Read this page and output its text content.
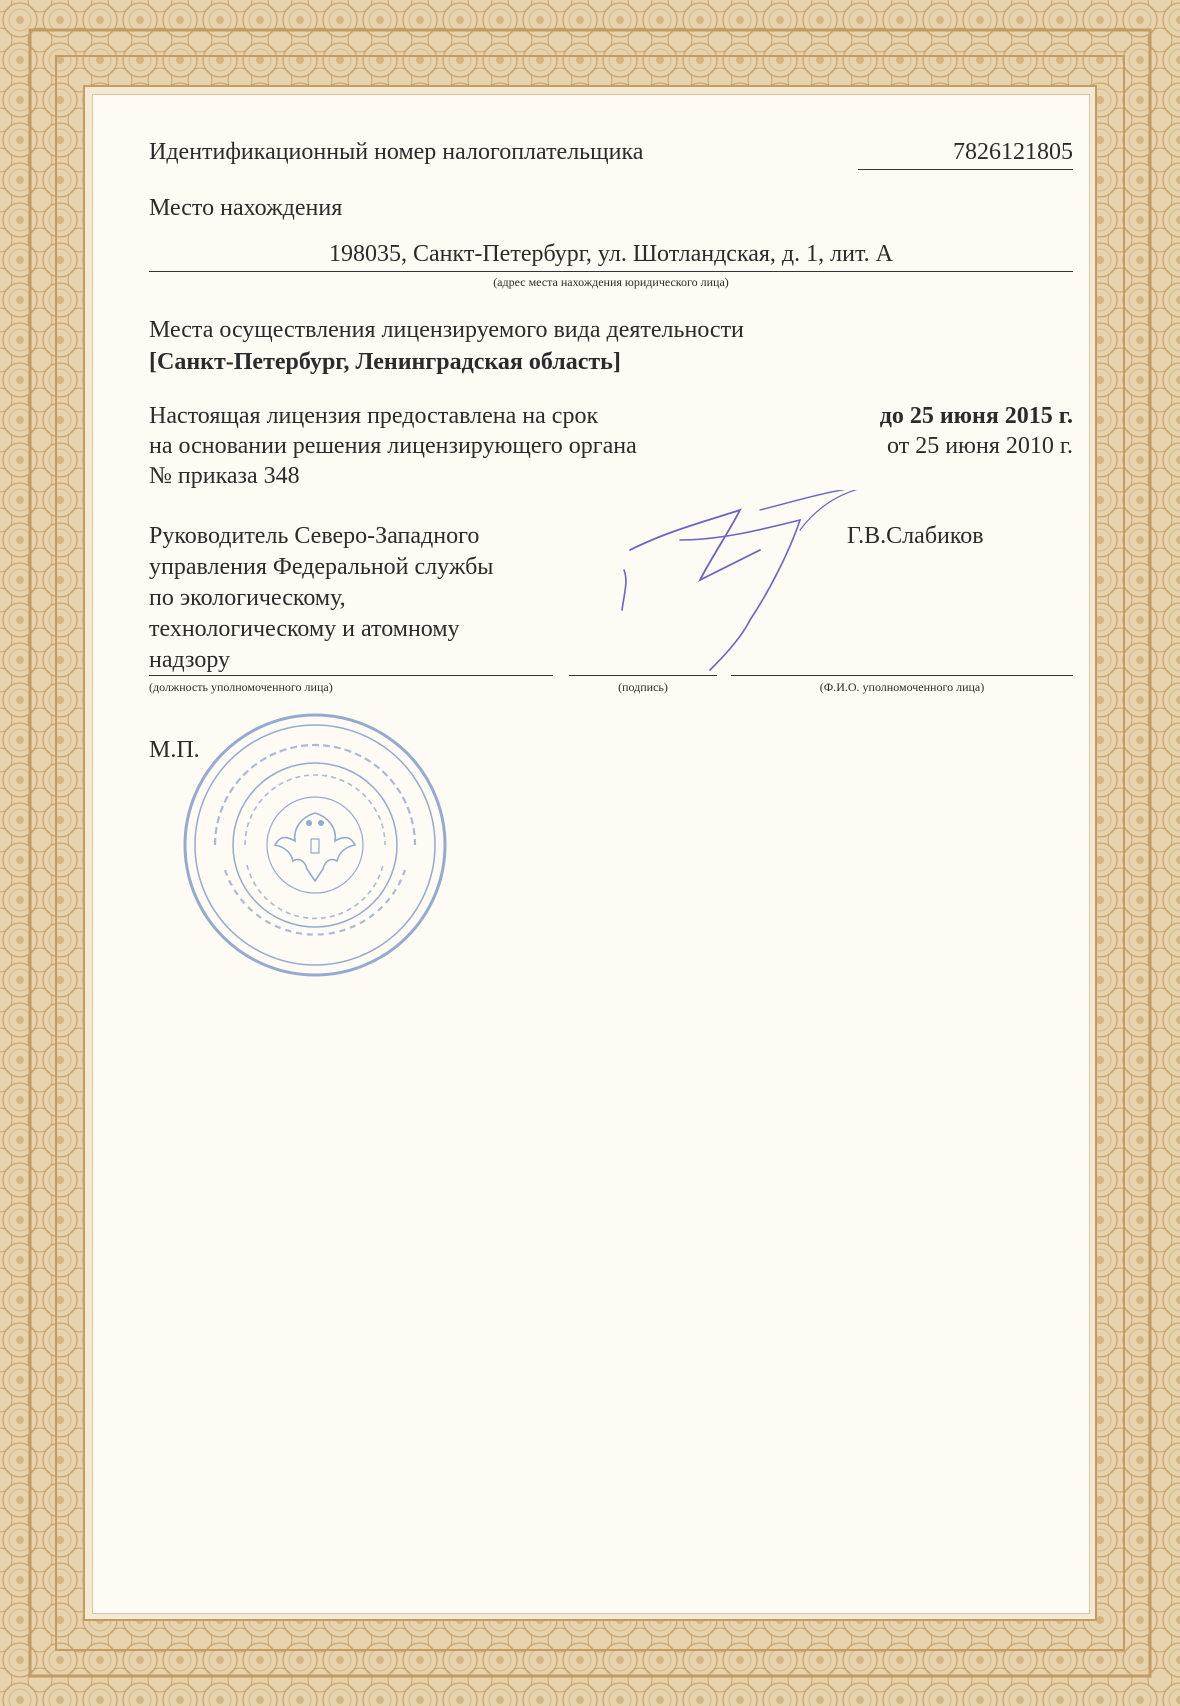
Идентификационный номер налогоплательщика	7826121805
Место нахождения
198035, Санкт-Петербург, ул. Шотландская, д. 1, лит. А
(адрес места нахождения юридического лица)
Места осуществления лицензируемого вида деятельности
[Санкт-Петербург, Ленинградская область]
Настоящая лицензия предоставлена на срок	до 25 июня 2015 г.
на основании решения лицензирующего органа	от 25 июня 2010 г.
№ приказа 348
Руководитель Северо-Западного
управления Федеральной службы
по экологическому,
технологическому и атомному
надзору
Г.В.Слабиков
(должность уполномоченного лица)	(подпись)	(Ф.И.О. уполномоченного лица)
М.П.
